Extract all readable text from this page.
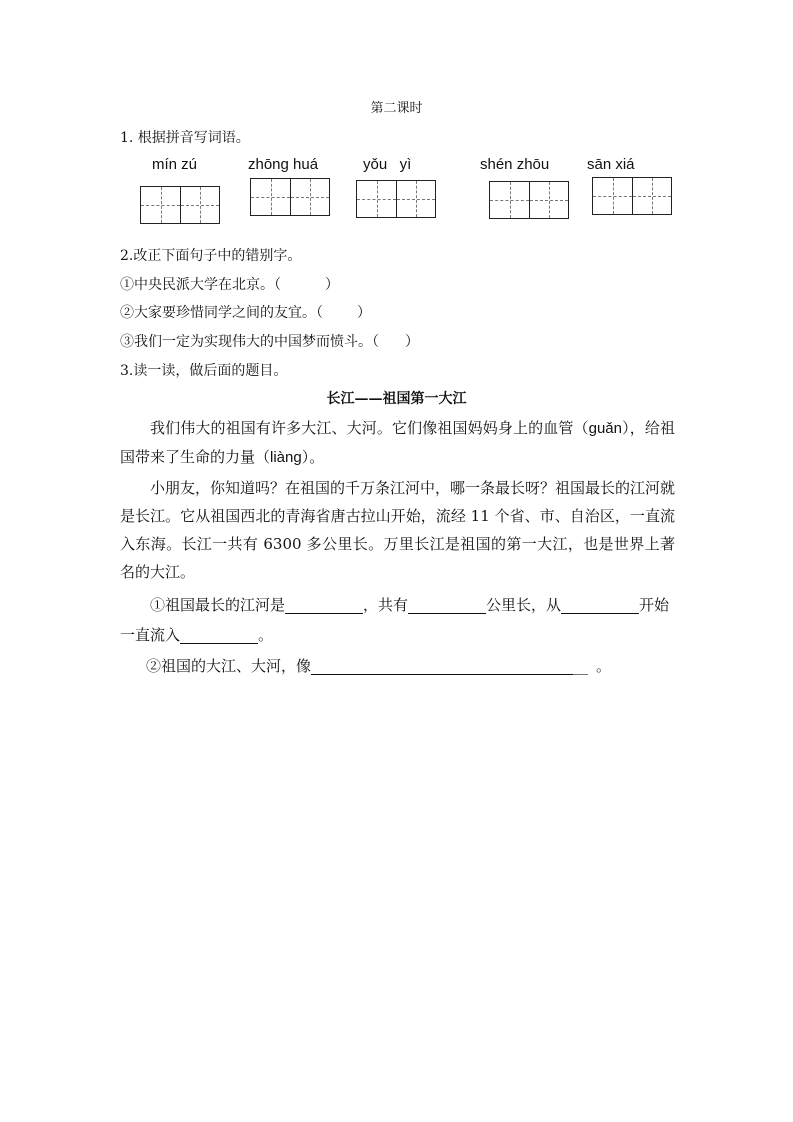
第二课时
1. 根据拼音写词语。
mín zú	zhōng huá	yǒu   yì	shén zhōu	sān xiá
2.改正下面句子中的错别字。
①中央民派大学在北京。（	）
②大家要珍惜同学之间的友宜。（ ）
③我们一定为实现伟大的中国梦而愤斗。（ ）
3.读一读，做后面的题目。
长江——祖国第一大江

我们伟大的祖国有许多大江、大河。它们像祖国妈妈身上的血管（guǎn），给祖国带来了生命的力量（liàng）。

小朋友，你知道吗？在祖国的千万条江河中，哪一条最长呀？祖国最长的江河就是长江。它从祖国西北的青海省唐古拉山开始，流经 11 个省、市、自治区，一直流入东海。长江一共有 6300 多公里长。万里长江是祖国的第一大江，也是世界上著名的大江。

①祖国最长的江河是	，共有	公里长，从	开始一直流入	。

②祖国的大江、大河，像	__ 。
